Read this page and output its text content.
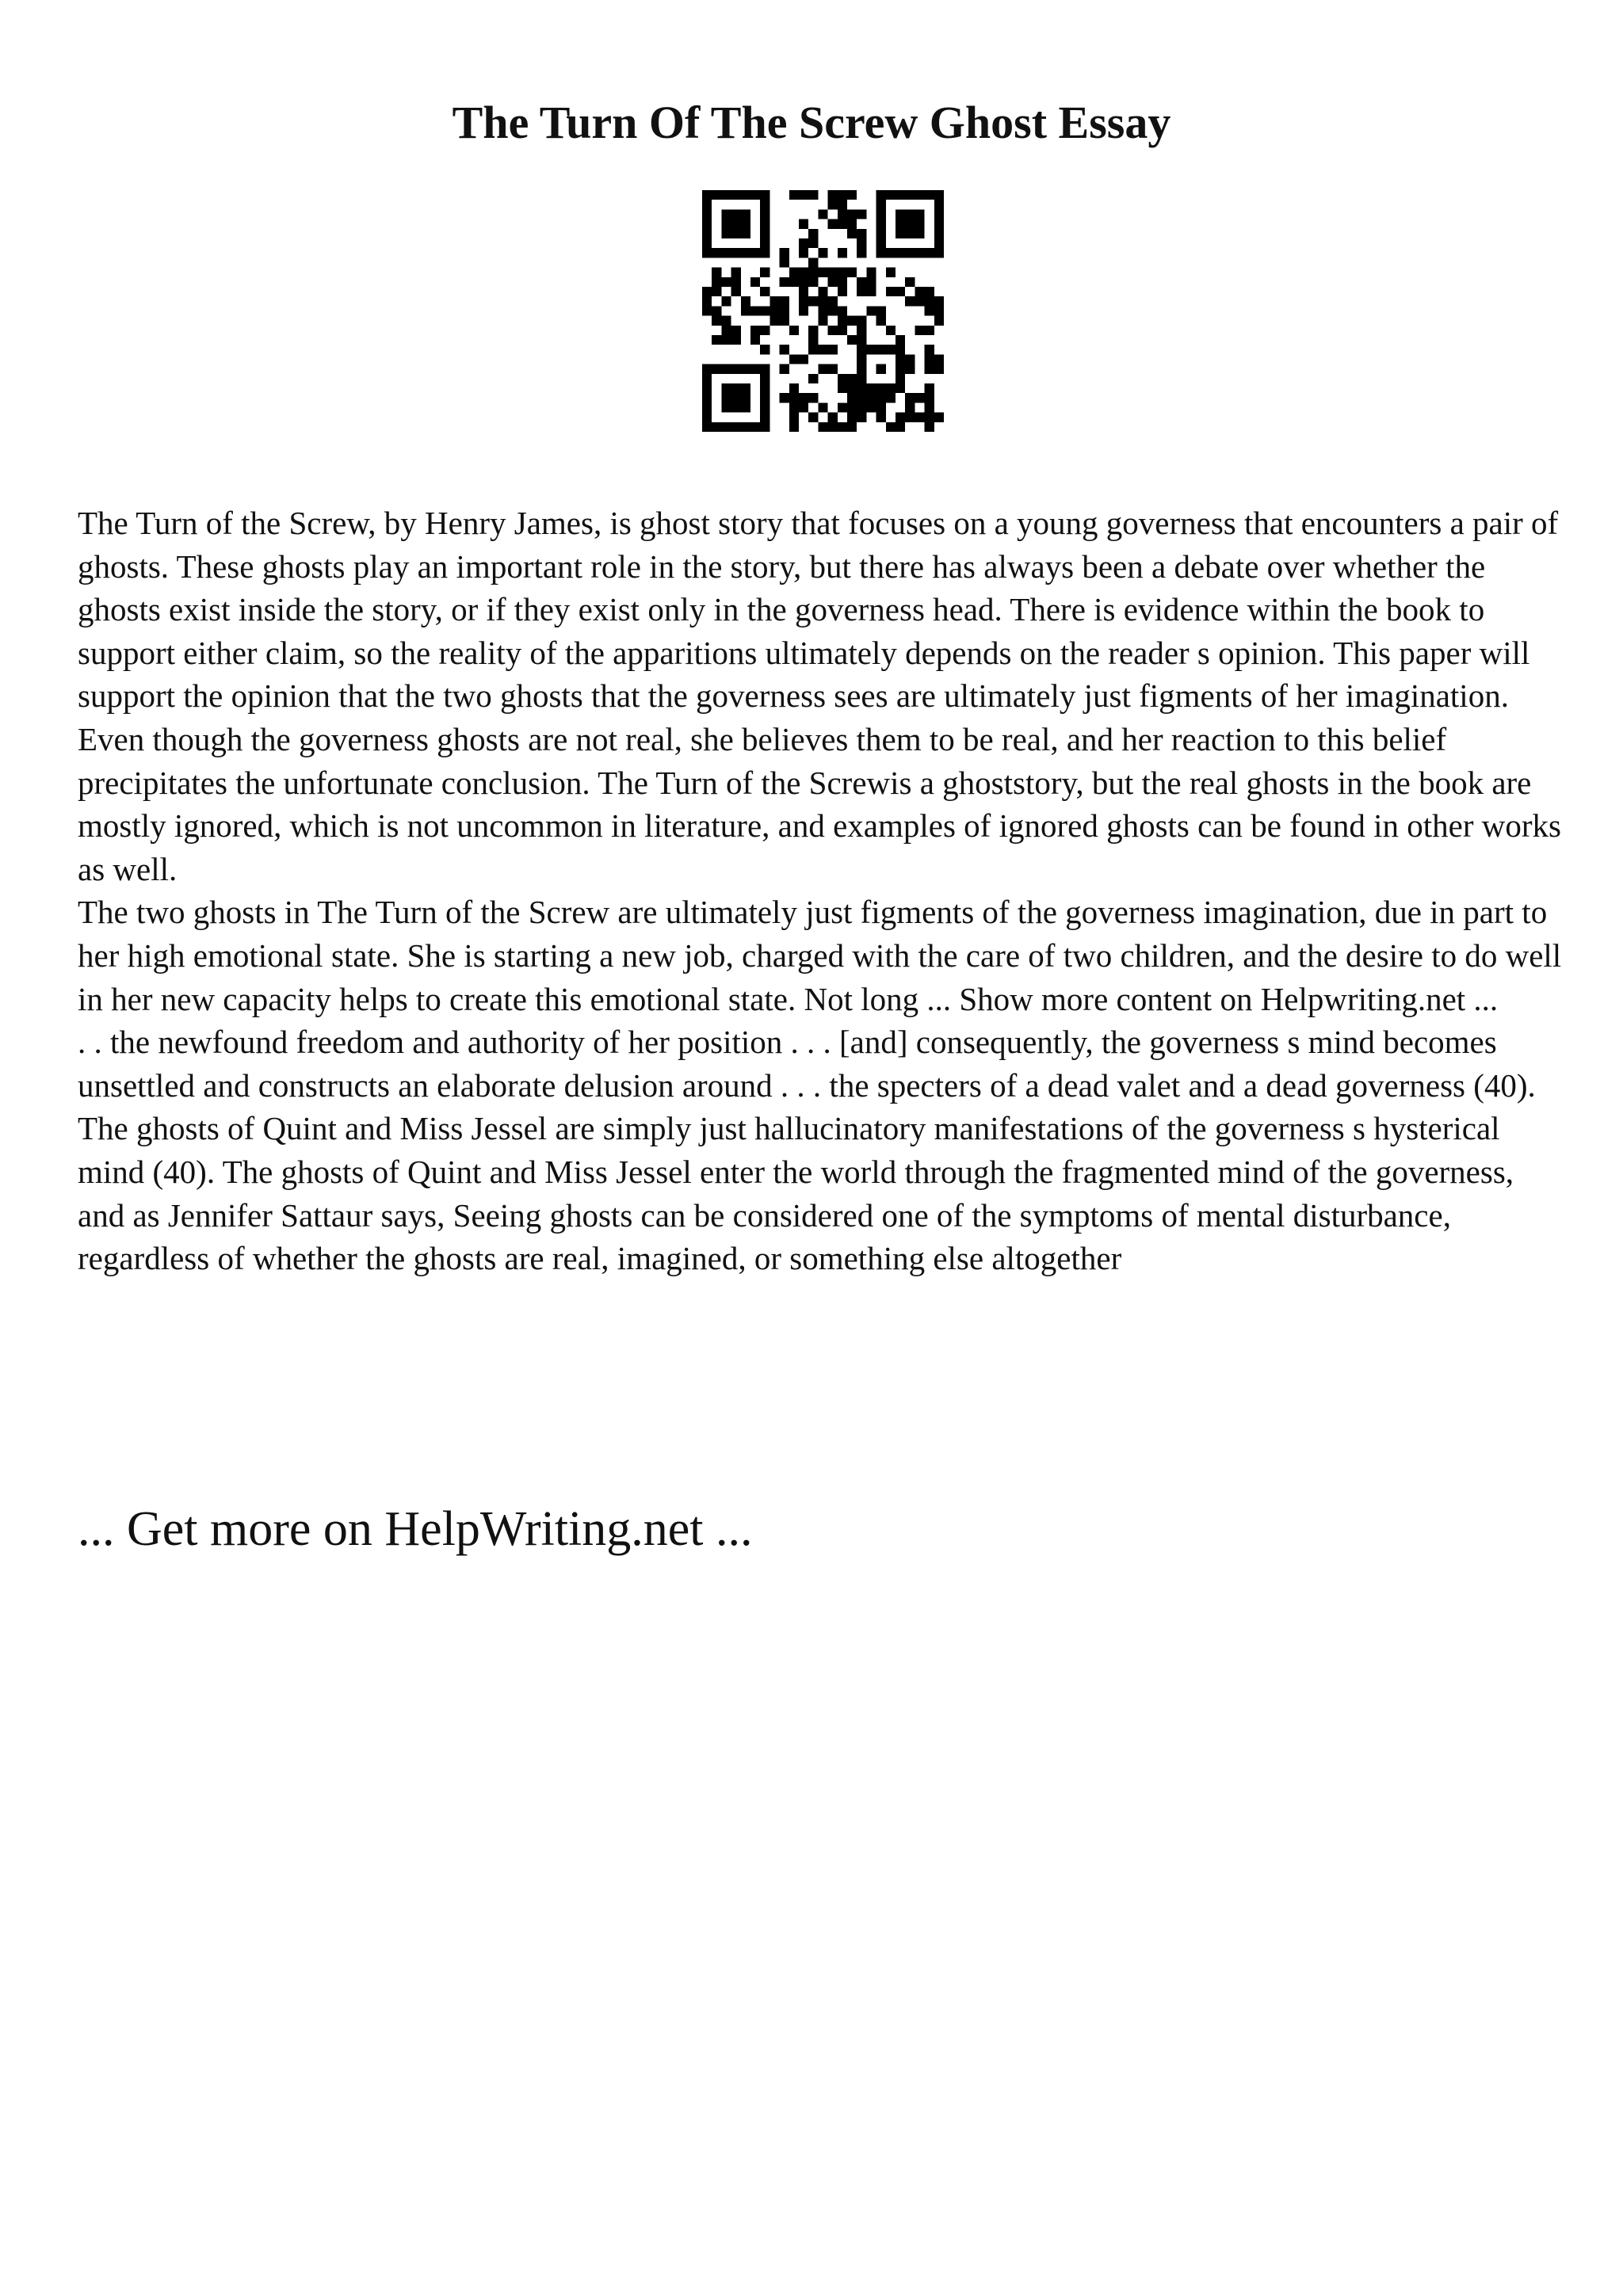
The Turn Of The Screw Ghost Essay

The Turn of the Screw, by Henry James, is ghost story that focuses on a young governess that encounters a pair of ghosts. These ghosts play an important role in the story, but there has always been a debate over whether the ghosts exist inside the story, or if they exist only in the governess head. There is evidence within the book to support either claim, so the reality of the apparitions ultimately depends on the reader s opinion. This paper will support the opinion that the two ghosts that the governess sees are ultimately just figments of her imagination. Even though the governess ghosts are not real, she believes them to be real, and her reaction to this belief precipitates the unfortunate conclusion. The Turn of the Screwis a ghoststory, but the real ghosts in the book are mostly ignored, which is not uncommon in literature, and examples of ignored ghosts can be found in other works as well.

The two ghosts in The Turn of the Screw are ultimately just figments of the governess imagination, due in part to her high emotional state. She is starting a new job, charged with the care of two children, and the desire to do well in her new capacity helps to create this emotional state. Not long ... Show more content on Helpwriting.net ...

. . the newfound freedom and authority of her position . . . [and] consequently, the governess s mind becomes unsettled and constructs an elaborate delusion around . . . the specters of a dead valet and a dead governess (40).

The ghosts of Quint and Miss Jessel are simply just hallucinatory manifestations of the governess s hysterical mind (40). The ghosts of Quint and Miss Jessel enter the world through the fragmented mind of the governess, and as Jennifer Sattaur says, Seeing ghosts can be considered one of the symptoms of mental disturbance, regardless of whether the ghosts are real, imagined, or something else altogether

... Get more on HelpWriting.net ...
